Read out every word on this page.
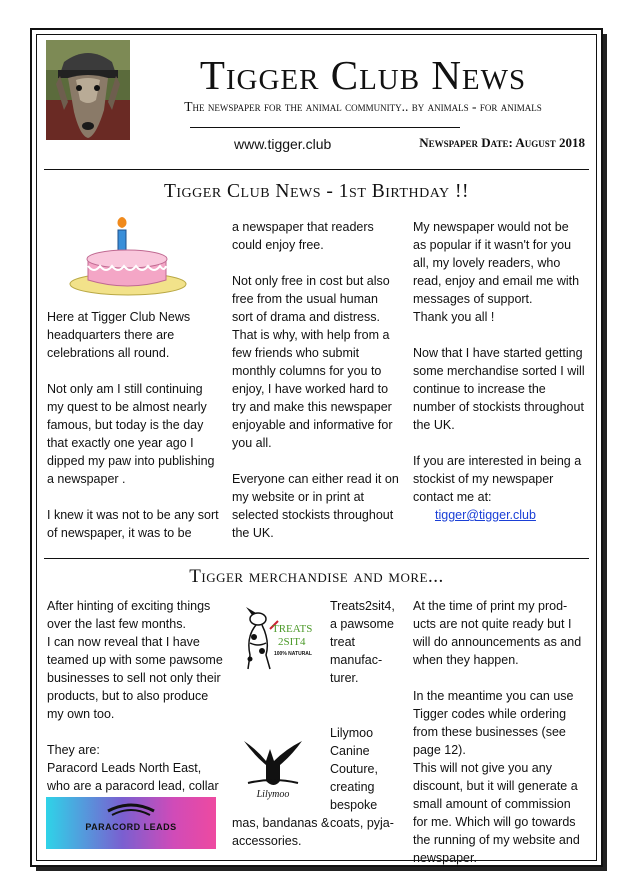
Tigger Club News
The newspaper for the animal community.. by animals - for animals
www.tigger.club	Newspaper Date: August 2018
Tigger Club News - 1st Birthday !!

Here at Tigger Club News headquarters there are celebrations all round.

Not only am I still continuing my quest to be almost nearly famous, but today is the day that exactly one year ago I dipped my paw into publishing a newspaper .

I knew it was not to be any sort of newspaper, it was to be

a newspaper that readers could enjoy free.

Not only free in cost but also free from the usual human sort of drama and distress. That is why, with help from a few friends who submit monthly columns for you to enjoy, I have worked hard to try and make this newspaper enjoyable and informative for you all.

Everyone can either read it on my website or in print at selected stockists throughout the UK.

My newspaper would not be as popular if it wasn't for you all, my lovely readers, who read, enjoy and email me with messages of support.

Thank you all !

Now that I have started getting some merchandise sorted I will continue to increase the number of stockists throughout the UK.

If you are interested in being a stockist of my newspaper contact me at:

tigger@tigger.club

Tigger merchandise and more...

After hinting of exciting things over the last few months.

I can now reveal that I have teamed up with some pawsome businesses to sell not only their products, but to also produce my own too.

They are:

Paracord Leads North East, who are a paracord lead, collar

PARACORD LEADS
TREATS
2SIT4
100% NATURAL
Treats2sit4, a pawsome treat manufac-turer.
Lilymoo
Lilymoo Canine Couture, creating bespoke coats, pyja-
mas, bandanas & accessories.

At the time of print my prod-ucts are not quite ready but I will do announcements as and when they happen.

In the meantime you can use Tigger codes while ordering from these businesses (see page 12).

This will not give you any discount, but it will generate a small amount of commission for me. Which will go towards the running of my website and newspaper.
